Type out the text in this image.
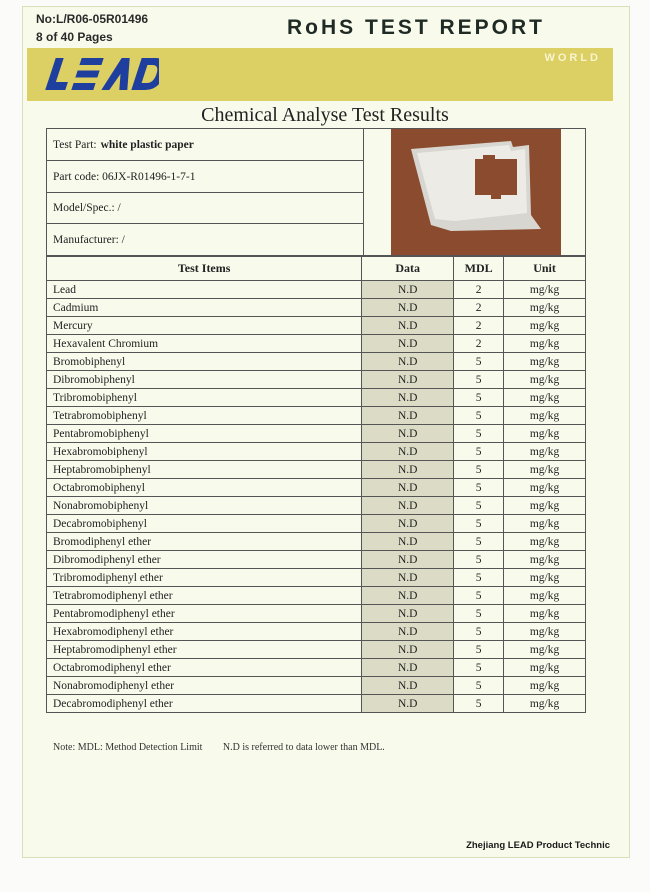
No:L/R06-05R01496
8 of 40 Pages	RoHS TEST REPORT
WORLD
Chemical Analyse Test Results
Test Part: white plastic paper
Part code: 06JX-R01496-1-7-1
Model/Spec.: /
Manufacturer: /
Test Items	Data	MDL	Unit
Lead	N.D	2	mg/kg
Cadmium	N.D	2	mg/kg
Mercury	N.D	2	mg/kg
Hexavalent Chromium	N.D	2	mg/kg
Bromobiphenyl	N.D	5	mg/kg
Dibromobiphenyl	N.D	5	mg/kg
Tribromobiphenyl	N.D	5	mg/kg
Tetrabromobiphenyl	N.D	5	mg/kg
Pentabromobiphenyl	N.D	5	mg/kg
Hexabromobiphenyl	N.D	5	mg/kg
Heptabromobiphenyl	N.D	5	mg/kg
Octabromobiphenyl	N.D	5	mg/kg
Nonabromobiphenyl	N.D	5	mg/kg
Decabromobiphenyl	N.D	5	mg/kg
Bromodiphenyl ether	N.D	5	mg/kg
Dibromodiphenyl ether	N.D	5	mg/kg
Tribromodiphenyl ether	N.D	5	mg/kg
Tetrabromodiphenyl ether	N.D	5	mg/kg
Pentabromodiphenyl ether	N.D	5	mg/kg
Hexabromodiphenyl ether	N.D	5	mg/kg
Heptabromodiphenyl ether	N.D	5	mg/kg
Octabromodiphenyl ether	N.D	5	mg/kg
Nonabromodiphenyl ether	N.D	5	mg/kg
Decabromodiphenyl ether	N.D	5	mg/kg
Note: MDL: Method Detection Limit N.D is referred to data lower than MDL.
Zhejiang LEAD Product Technic
